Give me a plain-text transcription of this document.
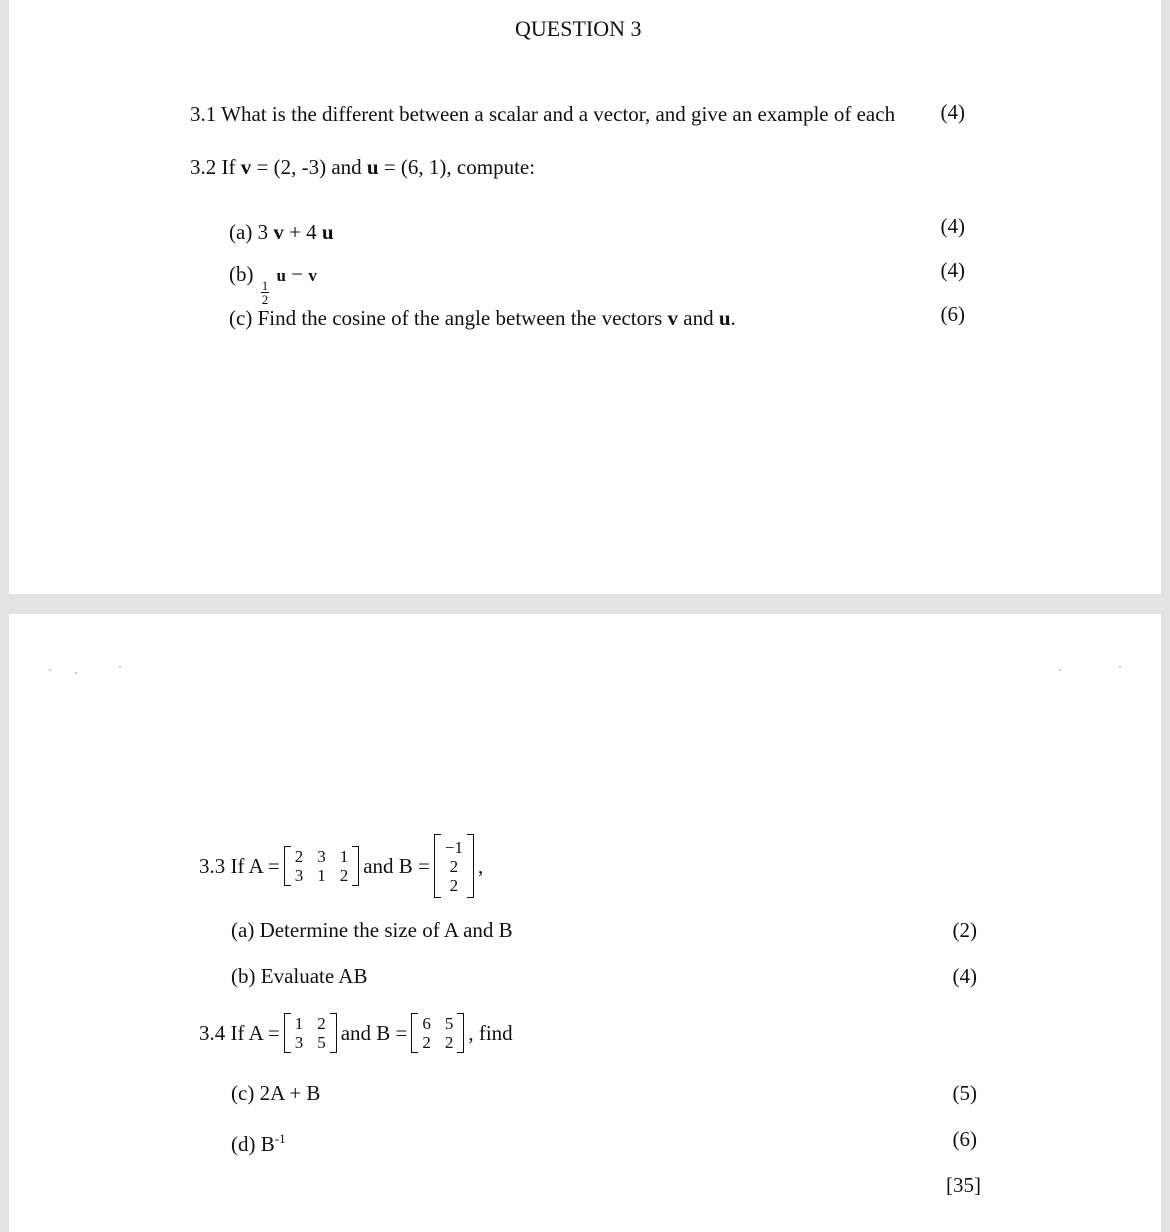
QUESTION 3
3.1 What is the different between a scalar and a vector, and give an example of each (4)
3.2 If v = (2, -3) and u = (6, 1), compute:
(a) 3 v + 4 u	(4)
(b)
$\frac{1}{2}$
u − v	(4)
(c) Find the cosine of the angle between the vectors v and u.	(6)
3.3 If A = 2 3 1
3 1 2 and B =
−1
2
2
,
(a) Determine the size of A and B	(2)
(b) Evaluate AB	(4)
3.4 If A = 1 2
3 5 and B = 6 5
2 2 , find
(c) 2A + B	(5)
(d) $B^{-1}$	(6)
[35]
